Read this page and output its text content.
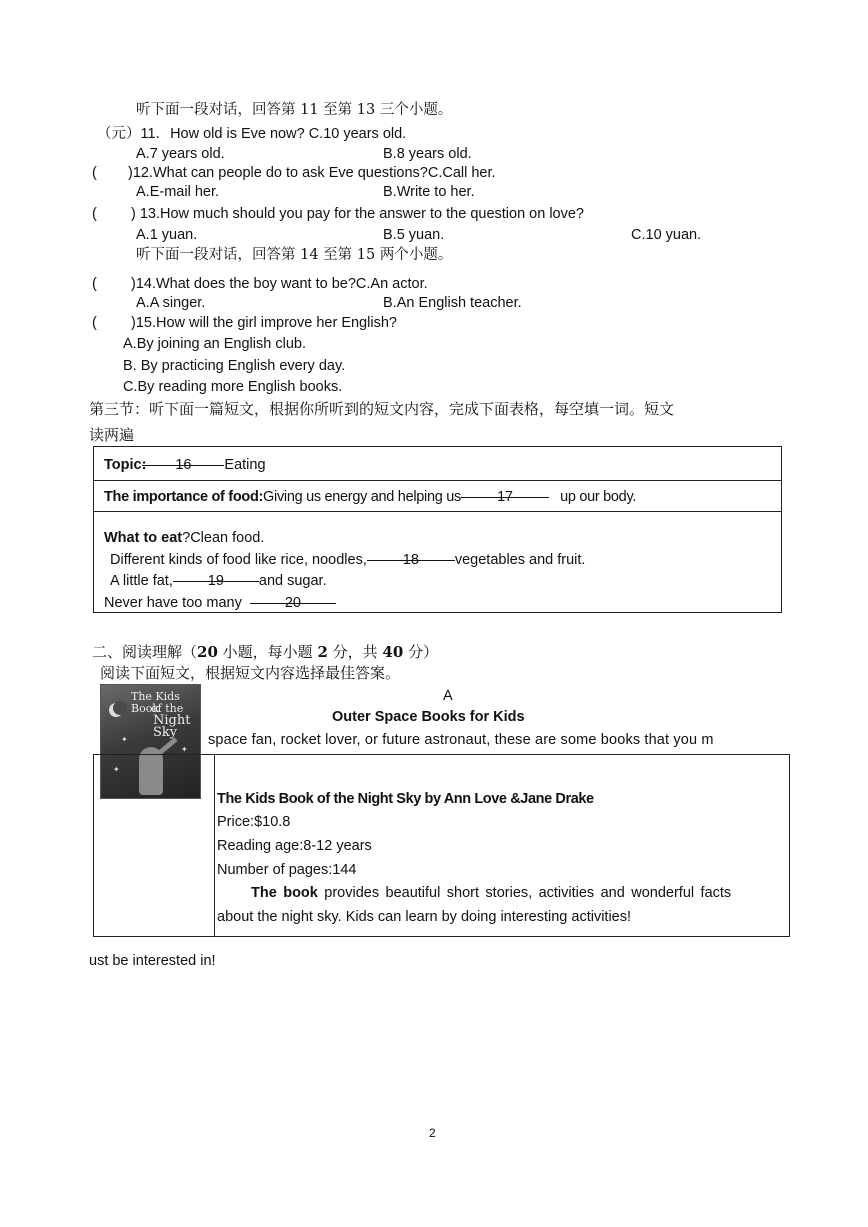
听下面一段对话，回答第 11 至第 13 三个小题。
（元）11．How old is Eve now? C.10 years old.
A.7 years old.	B.8 years old.
( )12.What can people do to ask Eve questions?C.Call her.
A.E-mail her.	B.Write to her.
( ) 13.How much should you pay for the answer to the question on love?
A.1 yuan.	B.5 yuan.	C.10 yuan.
听下面一段对话，回答第 14 至第 15 两个小题。
( )14.What does the boy want to be?C.An actor.
A.A singer.	B.An English teacher.
( )15.How will the girl improve her English?
A.By joining an English club.
B. By practicing English every day.
C.By reading more English books.
第三节：听下面一篇短文，根据你所听到的短文内容，完成下面表格，每空填一词。短文
读两遍
Topic: 16 Eating
The importance of food:Giving us energy and helping us 17	up our body.
What to eat?Clean food.
Different kinds of food like rice, noodles, 18 vegetables and fruit.
A little fat, 19 and sugar.
Never have too many	20
二、阅读理解（20 小题，每小题 2 分，共 40 分）
阅读下面短文，根据短文内容选择最佳答案。
A
Outer Space Books for Kids
space fan, rocket lover, or future astronaut, these are some books that you m
The Kids Book
of the
Night Sky
✦
✦
✦
The Kids Book of the Night Sky by Ann Love &Jane Drake
Price:$10.8
Reading age:8-12 years
Number of pages:144
The book provides beautiful short stories, activities and wonderful facts
about the night sky. Kids can learn by doing interesting activities!
ust be interested in!
2
